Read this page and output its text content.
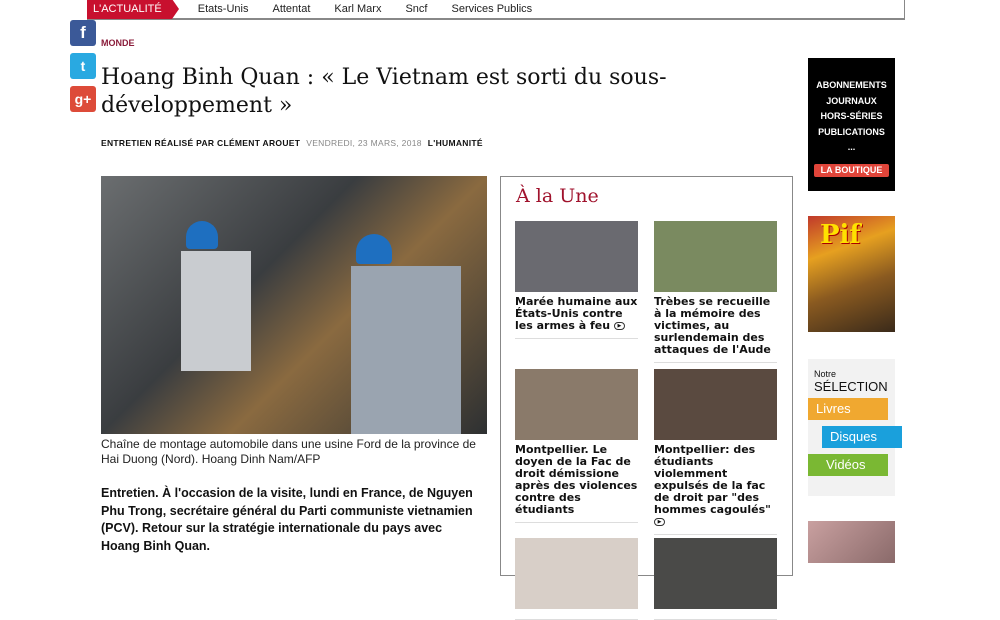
L'ACTUALITÉ	Etats-Unis Attentat Karl Marx Sncf Services Publics
f
t
g+
MONDE
Hoang Binh Quan : « Le Vietnam est sorti du sous-développement »
ENTRETIEN RÉALISÉ PAR CLÉMENT AROUET VENDREDI, 23 MARS, 2018 L'HUMANITÉ
Chaîne de montage automobile dans une usine Ford de la province de Hai Duong (Nord). Hoang Dinh Nam/AFP

Entretien. À l'occasion de la visite, lundi en France, de Nguyen Phu Trong, secrétaire général du Parti communiste vietnamien (PCV). Retour sur la stratégie internationale du pays avec Hoang Binh Quan.

À la Une
Marée humaine aux États-Unis contre les armes à feu ▶
Trèbes se recueille à la mémoire des victimes, au surlendemain des attaques de l'Aude
Montpellier. Le doyen de la Fac de droit démissione après des violences contre des étudiants
Montpellier: des étudiants violemment expulsés de la fac de droit par "des hommes cagoulés" ▶
ABONNEMENTS
JOURNAUX
HORS-SÉRIES
PUBLICATIONS
...
LA BOUTIQUE
Pif
Notre
SÉLECTION
Livres
Disques
Vidéos
